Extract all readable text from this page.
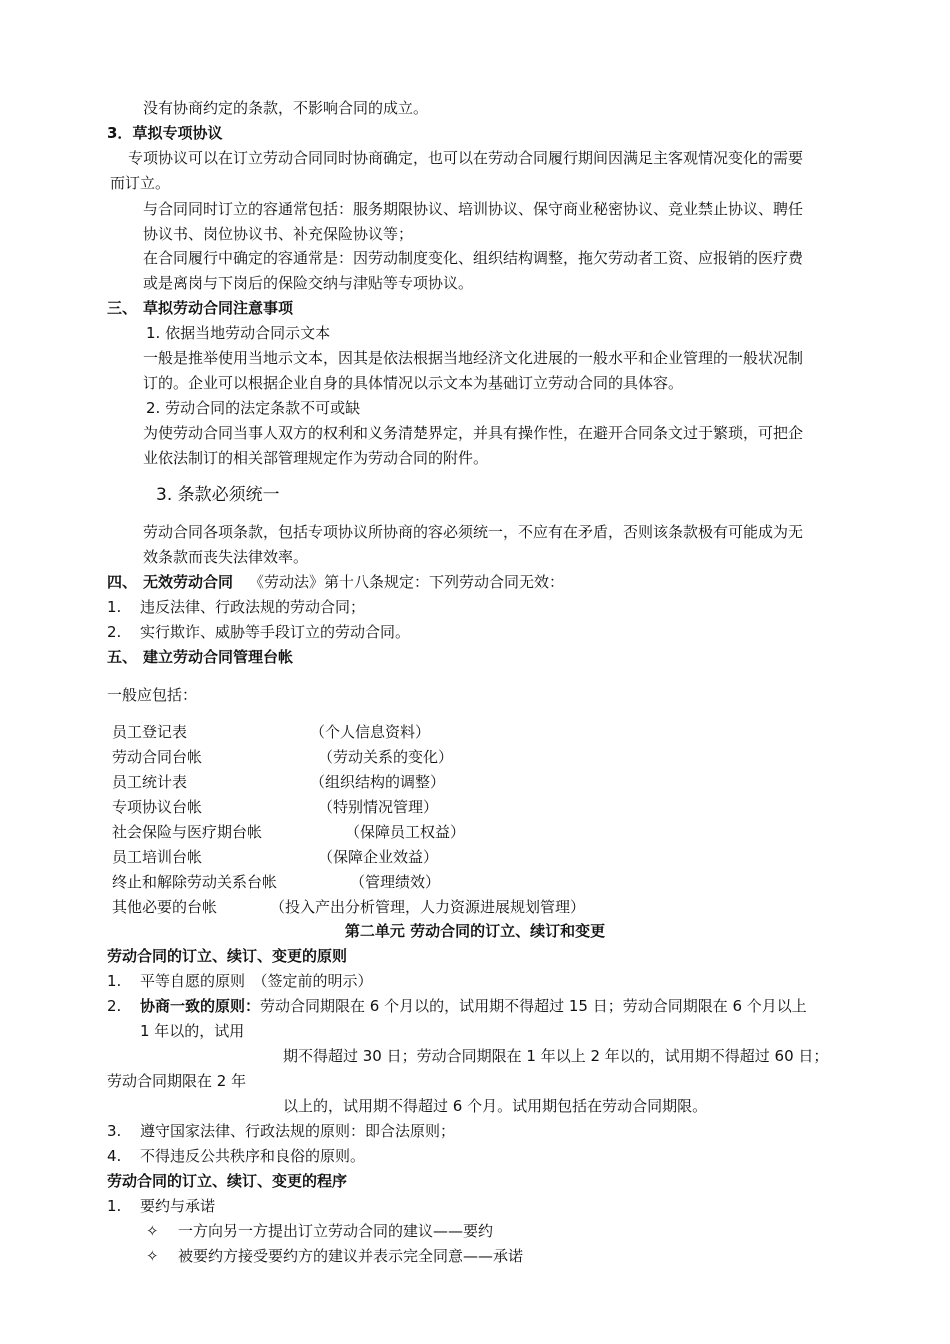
没有协商约定的条款，不影响合同的成立。
3．草拟专项协议
专项协议可以在订立劳动合同同时协商确定，也可以在劳动合同履行期间因满足主客观情况变化的需要
而订立。
与合同同时订立的容通常包括：服务期限协议、培训协议、保守商业秘密协议、竞业禁止协议、聘任
协议书、岗位协议书、补充保险协议等；
在合同履行中确定的容通常是：因劳动制度变化、组织结构调整，拖欠劳动者工资、应报销的医疗费
或是离岗与下岗后的保险交纳与津贴等专项协议。
三、 草拟劳动合同注意事项
1. 依据当地劳动合同示文本
一般是推举使用当地示文本，因其是依法根据当地经济文化进展的一般水平和企业管理的一般状况制
订的。企业可以根据企业自身的具体情况以示文本为基础订立劳动合同的具体容。
2. 劳动合同的法定条款不可或缺
为使劳动合同当事人双方的权利和义务清楚界定，并具有操作性，在避开合同条文过于繁琐，可把企
业依法制订的相关部管理规定作为劳动合同的附件。
3. 条款必须统一
劳动合同各项条款，包括专项协议所协商的容必须统一，不应有在矛盾，否则该条款极有可能成为无
效条款而丧失法律效率。
四、 无效劳动合同 《劳动法》第十八条规定：下列劳动合同无效：
1. 违反法律、行政法规的劳动合同；
2. 实行欺诈、威胁等手段订立的劳动合同。
五、 建立劳动合同管理台帐
一般应包括：
员工登记表	（个人信息资料）
劳动合同台帐	（劳动关系的变化）
员工统计表	（组织结构的调整）
专项协议台帐	（特别情况管理）
社会保险与医疗期台帐	（保障员工权益）
员工培训台帐	（保障企业效益）
终止和解除劳动关系台帐	（管理绩效）
其他必要的台帐	（投入产出分析管理，人力资源进展规划管理）
第二单元 劳动合同的订立、续订和变更
劳动合同的订立、续订、变更的原则
1. 平等自愿的原则　（签定前的明示）
2. 协商一致的原则：劳动合同期限在 6 个月以的，试用期不得超过 15 日；劳动合同期限在 6 个月以上
1 年以的，试用
期不得超过 30 日；劳动合同期限在 1 年以上 2 年以的，试用期不得超过 60 日；
劳动合同期限在 2 年
以上的，试用期不得超过 6 个月。试用期包括在劳动合同期限。
3. 遵守国家法律、行政法规的原则：即合法原则；
4. 不得违反公共秩序和良俗的原则。
劳动合同的订立、续订、变更的程序
1. 要约与承诺
✧ 一方向另一方提出订立劳动合同的建议——要约
✧ 被要约方接受要约方的建议并表示完全同意——承诺
